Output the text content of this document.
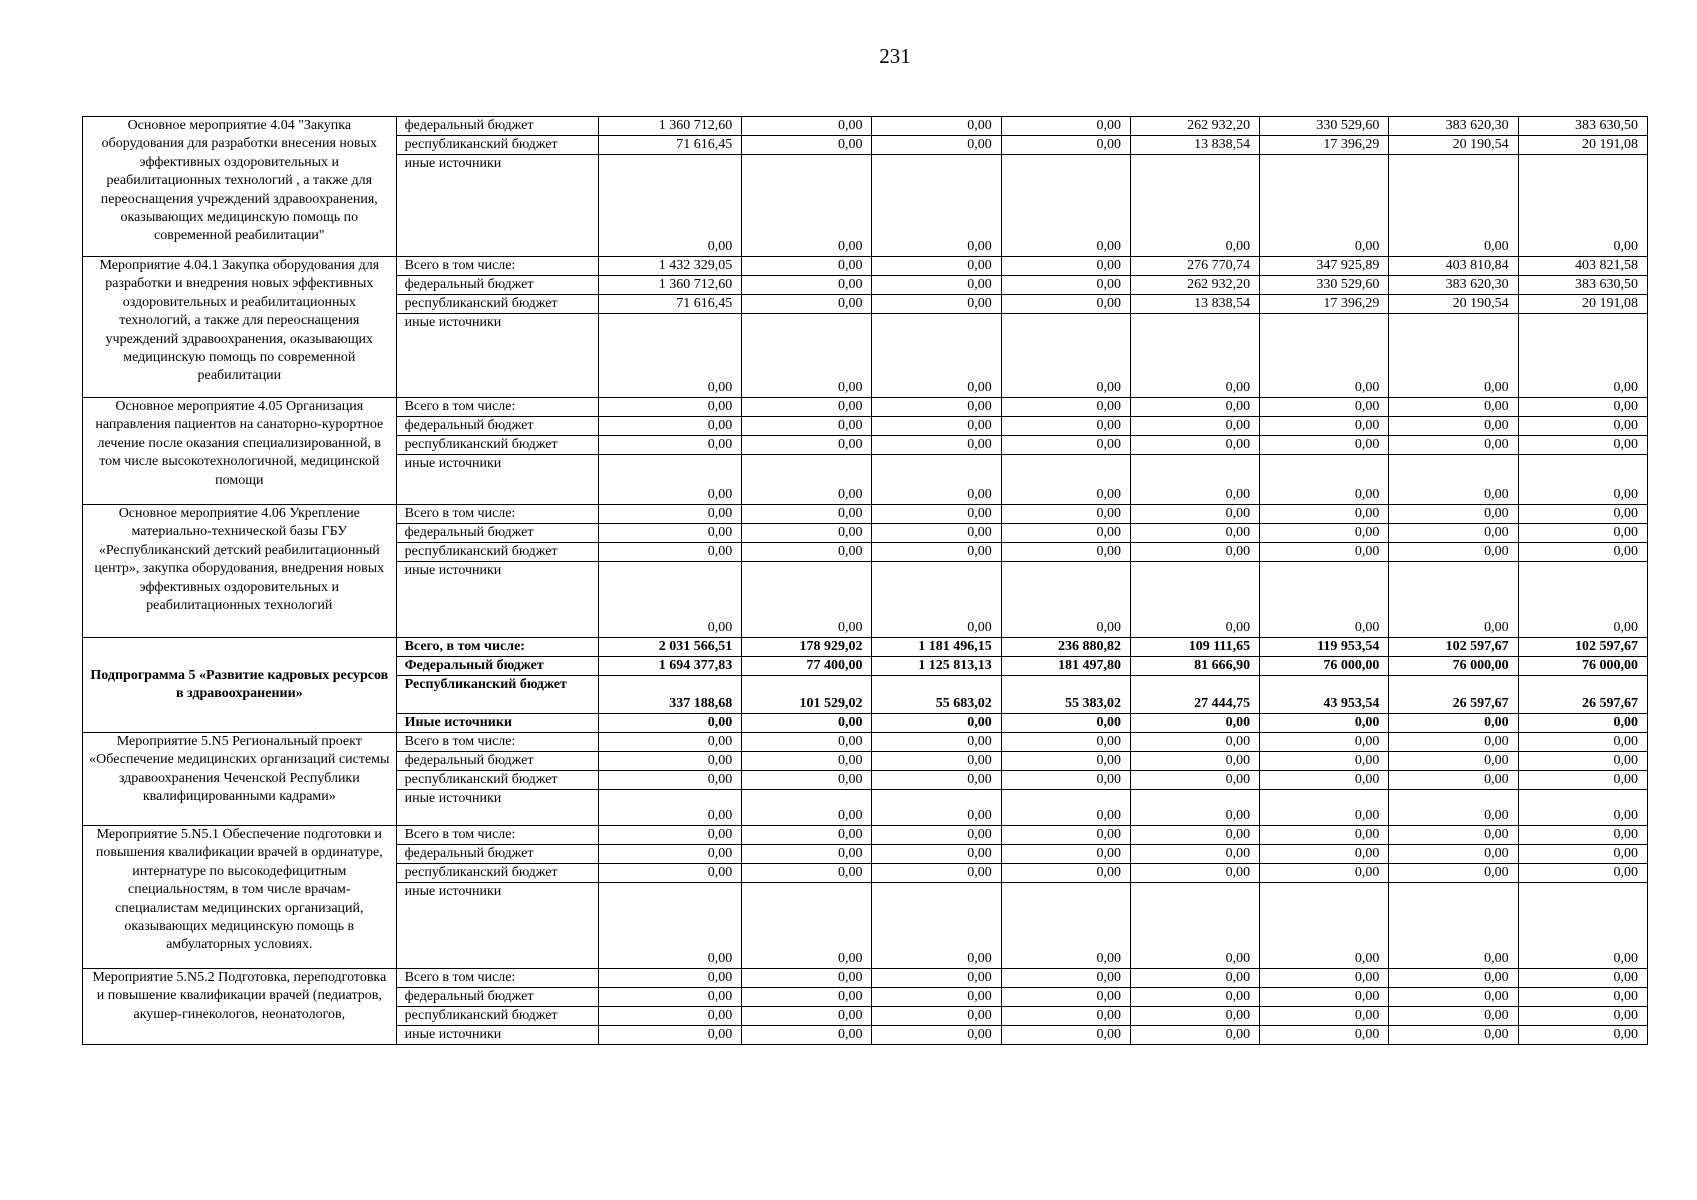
231
Основное мероприятие 4.04 "Закупка оборудования для разработки внесения новых эффективных оздоровительных и реабилитационных технологий , а также для переоснащения учреждений здравоохранения, оказывающих медицинскую помощь по современной реабилитации"	федеральный бюджет	1 360 712,60	0,00	0,00	0,00	262 932,20	330 529,60	383 620,30	383 630,50
	республиканский бюджет	71 616,45	0,00	0,00	0,00	13 838,54	17 396,29	20 190,54	20 191,08
	иные источники	0,00	0,00	0,00	0,00	0,00	0,00	0,00	0,00
Мероприятие 4.04.1 Закупка оборудования для разработки и внедрения новых эффективных оздоровительных и реабилитационных технологий, а также для переоснащения учреждений здравоохранения, оказывающих медицинскую помощь по современной реабилитации	Всего в том числе:	1 432 329,05	0,00	0,00	0,00	276 770,74	347 925,89	403 810,84	403 821,58
	федеральный бюджет	1 360 712,60	0,00	0,00	0,00	262 932,20	330 529,60	383 620,30	383 630,50
	республиканский бюджет	71 616,45	0,00	0,00	0,00	13 838,54	17 396,29	20 190,54	20 191,08
	иные источники	0,00	0,00	0,00	0,00	0,00	0,00	0,00	0,00
Основное мероприятие 4.05 Организация направления пациентов на санаторно-курортное лечение после оказания специализированной, в том числе высокотехнологичной, медицинской помощи	Всего в том числе:	0,00	0,00	0,00	0,00	0,00	0,00	0,00	0,00
	федеральный бюджет	0,00	0,00	0,00	0,00	0,00	0,00	0,00	0,00
	республиканский бюджет	0,00	0,00	0,00	0,00	0,00	0,00	0,00	0,00
	иные источники	0,00	0,00	0,00	0,00	0,00	0,00	0,00	0,00
Основное мероприятие 4.06 Укрепление материально-технической базы ГБУ «Республиканский детский реабилитационный центр», закупка оборудования, внедрения новых эффективных оздоровительных и реабилитационных технологий	Всего в том числе:	0,00	0,00	0,00	0,00	0,00	0,00	0,00	0,00
	федеральный бюджет	0,00	0,00	0,00	0,00	0,00	0,00	0,00	0,00
	республиканский бюджет	0,00	0,00	0,00	0,00	0,00	0,00	0,00	0,00
	иные источники	0,00	0,00	0,00	0,00	0,00	0,00	0,00	0,00
Подпрограмма 5 «Развитие кадровых ресурсов в здравоохранении»	Всего, в том числе:	2 031 566,51	178 929,02	1 181 496,15	236 880,82	109 111,65	119 953,54	102 597,67	102 597,67
	Федеральный бюджет	1 694 377,83	77 400,00	1 125 813,13	181 497,80	81 666,90	76 000,00	76 000,00	76 000,00
	Республиканский бюджет	337 188,68	101 529,02	55 683,02	55 383,02	27 444,75	43 953,54	26 597,67	26 597,67
	Иные источники	0,00	0,00	0,00	0,00	0,00	0,00	0,00	0,00
Мероприятие 5.N5 Региональный проект «Обеспечение медицинских организаций системы здравоохранения Чеченской Республики квалифицированными кадрами»	Всего в том числе:	0,00	0,00	0,00	0,00	0,00	0,00	0,00	0,00
	федеральный бюджет	0,00	0,00	0,00	0,00	0,00	0,00	0,00	0,00
	республиканский бюджет	0,00	0,00	0,00	0,00	0,00	0,00	0,00	0,00
	иные источники	0,00	0,00	0,00	0,00	0,00	0,00	0,00	0,00
Мероприятие 5.N5.1 Обеспечение подготовки и повышения квалификации врачей в ординатуре, интернатуре по высокодефицитным специальностям, в том числе врачам-специалистам медицинских организаций, оказывающих медицинскую помощь в амбулаторных условиях.	Всего в том числе:	0,00	0,00	0,00	0,00	0,00	0,00	0,00	0,00
	федеральный бюджет	0,00	0,00	0,00	0,00	0,00	0,00	0,00	0,00
	республиканский бюджет	0,00	0,00	0,00	0,00	0,00	0,00	0,00	0,00
	иные источники	0,00	0,00	0,00	0,00	0,00	0,00	0,00	0,00
Мероприятие 5.N5.2 Подготовка, переподготовка и повышение квалификации врачей (педиатров, акушер-гинекологов, неонатологов,	Всего в том числе:	0,00	0,00	0,00	0,00	0,00	0,00	0,00	0,00
	федеральный бюджет	0,00	0,00	0,00	0,00	0,00	0,00	0,00	0,00
	республиканский бюджет	0,00	0,00	0,00	0,00	0,00	0,00	0,00	0,00
	иные источники	0,00	0,00	0,00	0,00	0,00	0,00	0,00	0,00
